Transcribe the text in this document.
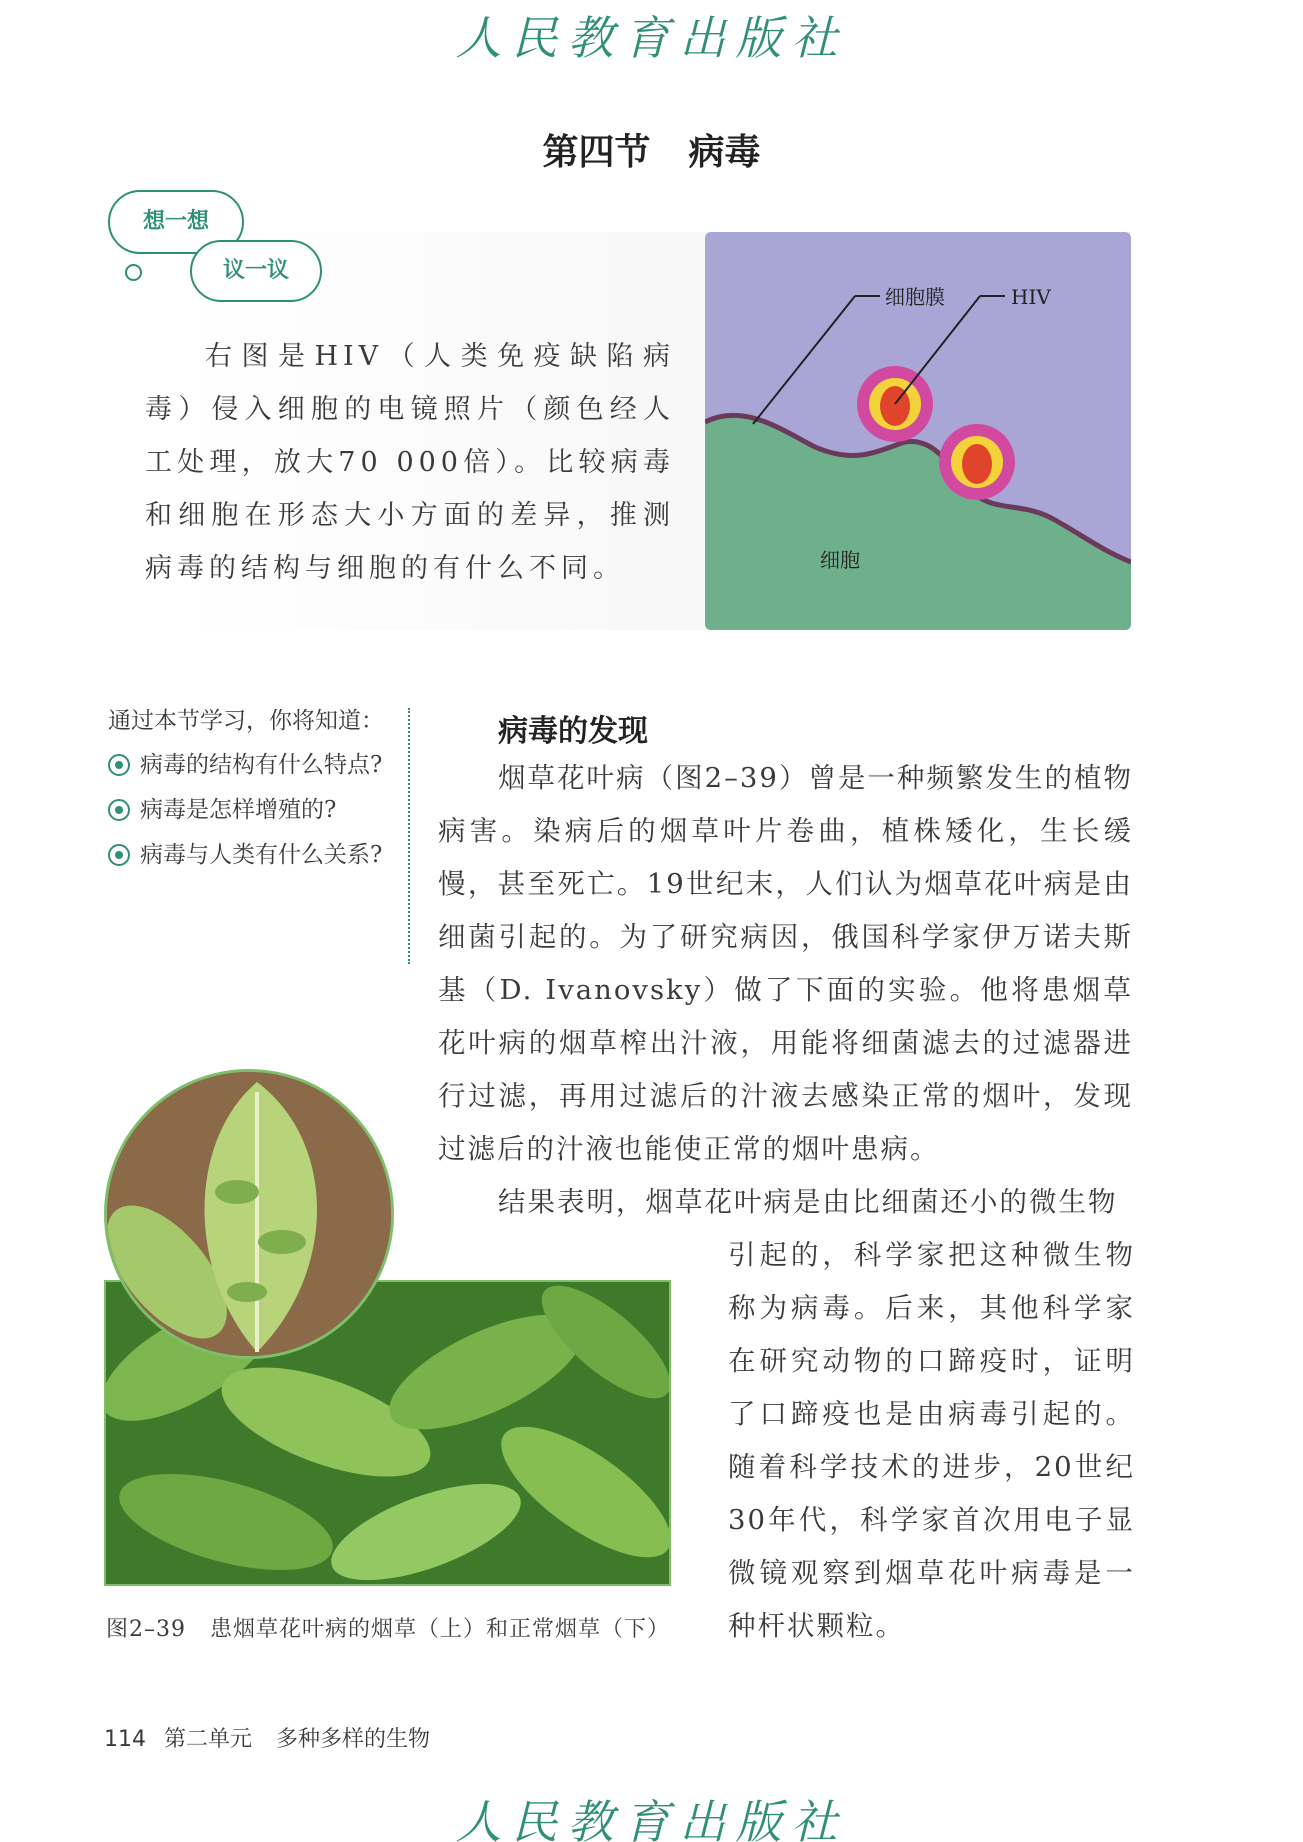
人民教育出版社
第四节 病毒
想一想
议一议

右图是HIV（人类免疫缺陷病毒）侵入细胞的电镜照片（颜色经人工处理，放大70 000倍）。比较病毒和细胞在形态大小方面的差异，推测病毒的结构与细胞的有什么不同。

细胞膜	HIV
细胞
通过本节学习，你将知道：
病毒的结构有什么特点?
病毒是怎样增殖的?
病毒与人类有什么关系?
病毒的发现

烟草花叶病（图2–39）曾是一种频繁发生的植物病害。染病后的烟草叶片卷曲，植株矮化，生长缓慢，甚至死亡。19世纪末，人们认为烟草花叶病是由细菌引起的。为了研究病因，俄国科学家伊万诺夫斯基（D. Ivanovsky）做了下面的实验。他将患烟草花叶病的烟草榨出汁液，用能将细菌滤去的过滤器进行过滤，再用过滤后的汁液去感染正常的烟叶，发现过滤后的汁液也能使正常的烟叶患病。

结果表明，烟草花叶病是由比细菌还小的微生物

引起的，科学家把这种微生物称为病毒。后来，其他科学家在研究动物的口蹄疫时，证明了口蹄疫也是由病毒引起的。随着科学技术的进步，20世纪30年代，科学家首次用电子显微镜观察到烟草花叶病毒是一种杆状颗粒。

图2–39 患烟草花叶病的烟草（上）和正常烟草（下）
114 第二单元 多种多样的生物
人民教育出版社
